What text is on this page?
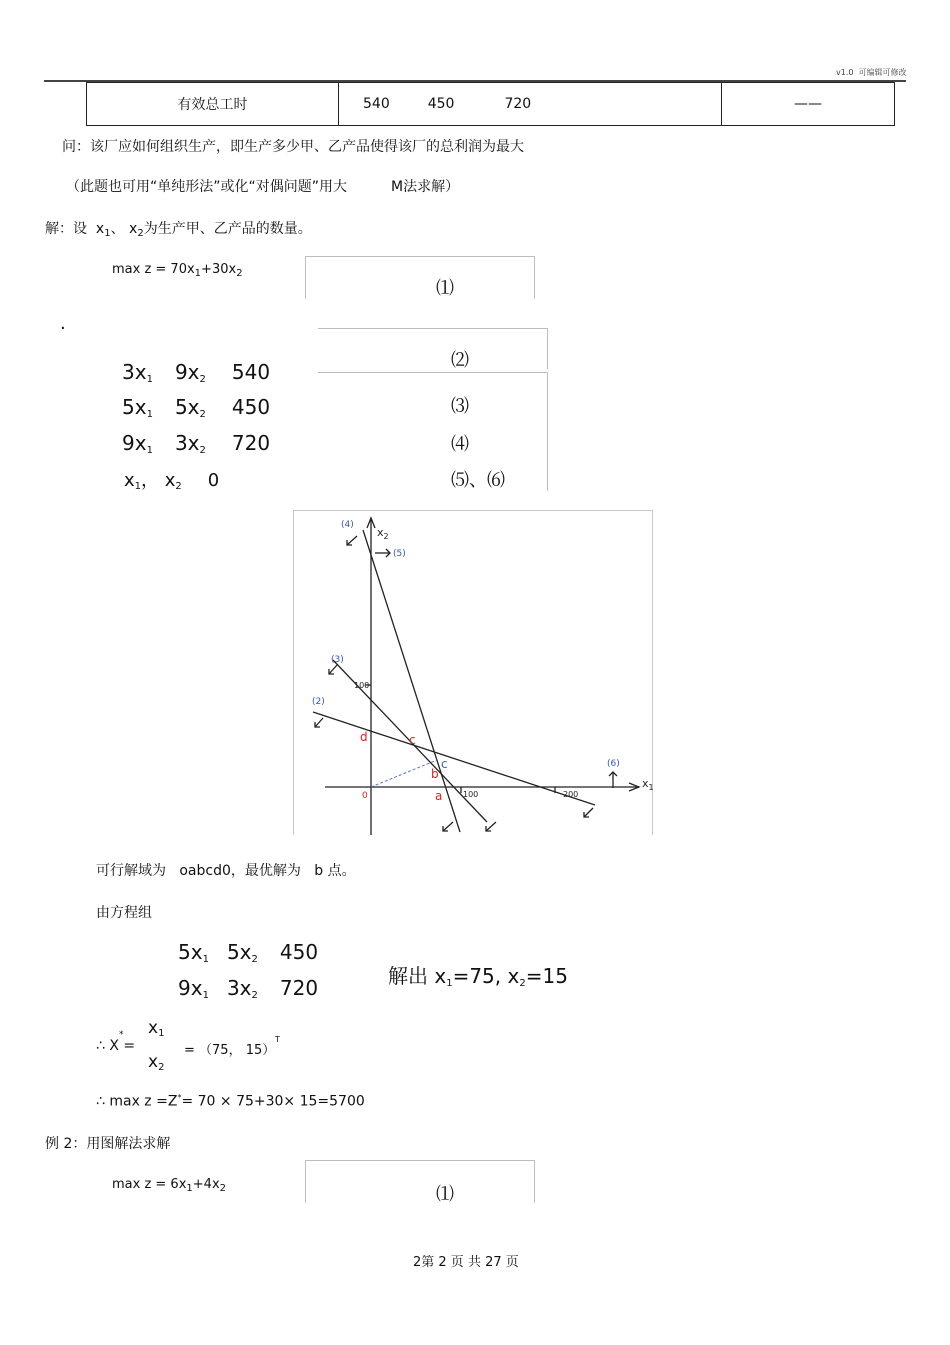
v1.0 可编辑可修改
有效总工时	540	450	720	——
问：该厂应如何组织生产，即生产多少甲、乙产品使得该厂的总利润为最大
（此题也可用“单纯形法”或化“对偶问题”用大	M法求解）
解：设 $x_1$、 $x_2$为生产甲、乙产品的数量。
$\max z = 70x_1+30x_2$
⑴
·
⑵
⑶
⑷
⑸、⑹
$3x_1$ $9x_2$ 540
$5x_1$ $5x_2$ 450
$9x_1$ $3x_2$ 720
$x_1$， $x_2$ 0
$x_2$
$x_1$
0
100
100	200
(4)
(5)
(3)
(2)
(6)
a
b
c
c
d
可行解域为 oabcd0，最优解为 b 点。
由方程组
$5x_1$ $5x_2$ 450
$9x_1$ $3x_2$ 720	解出 $x_1=75$, $x_2=15$
∴ X =
* $x_1$
$x_2$
= （75， 15）
T
∴ max z =Z*= 70 × 75+30× 15=5700
例 2：用图解法求解
$\max z = 6x_1+4x_2$	⑴
2第 2 页 共 27 页
